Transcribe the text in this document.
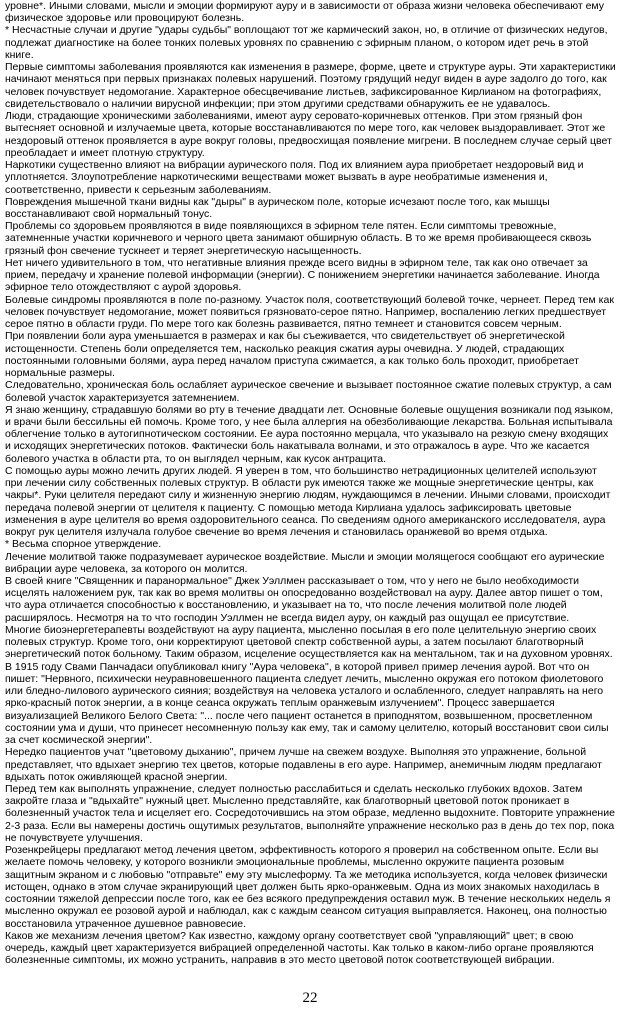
уровне*. Иными словами, мысли и эмоции формируют ауру и в зависимости от образа жизни человека обеспечивают ему физическое здоровье или провоцируют болезнь.

* Несчастные случаи и другие "удары судьбы" воплощают тот же кармический закон, но, в отличие от физических недугов, подлежат диагностике на более тонких полевых уровнях по сравнению с эфирным планом, о котором идет речь в этой книге.

Первые симптомы заболевания проявляются как изменения в размере, форме, цвете и структуре ауры. Эти характеристики начинают меняться при первых признаках полевых нарушений. Поэтому грядущий недуг виден в ауре задолго до того, как человек почувствует недомогание. Характерное обесцвечивание листьев, зафиксированное Кирлианом на фотографиях, свидетельствовало о наличии вирусной инфекции; при этом другими средствами обнаружить ее не удавалось.

Люди, страдающие хроническими заболеваниями, имеют ауру серовато-коричневых оттенков. При этом грязный фон вытесняет основной и излучаемые цвета, которые восстанавливаются по мере того, как человек выздоравливает. Этот же нездоровый оттенок проявляется в ауре вокруг головы, предвосхищая появление мигрени. В последнем случае серый цвет преобладает и имеет плотную структуру.

Наркотики существенно влияют на вибрации аурического поля. Под их влиянием аура приобретает нездоровый вид и уплотняется. Злоупотребление наркотическими веществами может вызвать в ауре необратимые изменения и, соответственно, привести к серьезным заболеваниям.

Повреждения мышечной ткани видны как "дыры" в аурическом поле, которые исчезают после того, как мышцы восстанавливают свой нормальный тонус.

Проблемы со здоровьем проявляются в виде появляющихся в эфирном теле пятен. Если симптомы тревожные, затемненные участки коричневого и черного цвета занимают обширную область. В то же время пробивающееся сквозь грязный фон свечение тускнеет и теряет энергетическую насыщенность.

Нет ничего удивительного в том, что негативные влияния прежде всего видны в эфирном теле, так как оно отвечает за прием, передачу и хранение полевой информации (энергии). С понижением энергетики начинается заболевание. Иногда эфирное тело отождествляют с аурой здоровья.

Болевые синдромы проявляются в поле по-разному. Участок поля, соответствующий болевой точке, чернеет. Перед тем как человек почувствует недомогание, может появиться грязновато-серое пятно. Например, воспалению легких предшествует серое пятно в области груди. По мере того как болезнь развивается, пятно темнеет и становится совсем черным.

При появлении боли аура уменьшается в размерах и как бы съеживается, что свидетельствует об энергетической истощенности. Степень боли определяется тем, насколько реакция сжатия ауры очевидна. У людей, страдающих постоянными головными болями, аура перед началом приступа сжимается, а как только боль проходит, приобретает нормальные размеры.

Следовательно, хроническая боль ослабляет аурическое свечение и вызывает постоянное сжатие полевых структур, а сам болевой участок характеризуется затемнением.

Я знаю женщину, страдавшую болями во рту в течение двадцати лет. Основные болевые ощущения возникали под языком, и врачи были бессильны ей помочь. Кроме того, у нее была аллергия на обезболивающие лекарства. Больная испытывала облегчение только в аутогипнотическом состоянии. Ее аура постоянно мерцала, что указывало на резкую смену входящих и исходящих энергетических потоков. Фактически боль накатывала волнами, и это отражалось в ауре. Что же касается болевого участка в области рта, то он выглядел черным, как кусок антрацита.

С помощью ауры можно лечить других людей. Я уверен в том, что большинство нетрадиционных целителей используют при лечении силу собственных полевых структур. В области рук имеются также же мощные энергетические центры, как чакры*. Руки целителя передают силу и жизненную энергию людям, нуждающимся в лечении. Иными словами, происходит передача полевой энергии от целителя к пациенту. С помощью метода Кирлиана удалось зафиксировать цветовые изменения в ауре целителя во время оздоровительного сеанса. По сведениям одного американского исследователя, аура вокруг рук целителя излучала голубое свечение во время лечения и становилась оранжевой во время отдыха.

* Весьма спорное утверждение.

Лечение молитвой также подразумевает аурическое воздействие. Мысли и эмоции молящегося сообщают его аурические вибрации ауре человека, за которого он молится.

В своей книге "Священник и паранормальное" Джек Уэллмен рассказывает о том, что у него не было необходимости исцелять наложением рук, так как во время молитвы он опосредованно воздействовал на ауру. Далее автор пишет о том, что аура отличается способностью к восстановлению, и указывает на то, что после лечения молитвой поле людей расширялось. Несмотря на то что господин Уэллмен не всегда видел ауру, он каждый раз ощущал ее присутствие.

Многие биоэнергетерапевты воздействуют на ауру пациента, мысленно посылая в его поле целительную энергию своих полевых структур. Кроме того, они корректируют цветовой спектр собственной ауры, а затем посылают благотворный энергетический поток больному. Таким образом, исцеление осуществляется как на ментальном, так и на духовном уровнях.

В 1915 году Свами Панчадаси опубликовал книгу "Аура человека", в которой привел пример лечения аурой. Вот что он пишет: "Нервного, психически неуравновешенного пациента следует лечить, мысленно окружая его потоком фиолетового или бледно-лилового аурического сияния; воздействуя на человека усталого и ослабленного, следует направлять на него ярко-красный поток энергии, а в конце сеанса окружать теплым оранжевым излучением". Процесс завершается визуализацией Великого Белого Света: "... после чего пациент останется в приподнятом, возвышенном, просветленном состоянии ума и души, что принесет несомненную пользу как ему, так и самому целителю, который восстановит свои силы за счет космической энергии".

Нередко пациентов учат "цветовому дыханию", причем лучше на свежем воздухе. Выполняя это упражнение, больной представляет, что вдыхает энергию тех цветов, которые подавлены в его ауре. Например, анемичным людям предлагают вдыхать поток оживляющей красной энергии.

Перед тем как выполнять упражнение, следует полностью расслабиться и сделать несколько глубоких вдохов. Затем закройте глаза и "вдыхайте" нужный цвет. Мысленно представляйте, как благотворный цветовой поток проникает в болезненный участок тела и исцеляет его. Сосредоточившись на этом образе, медленно выдохните. Повторите упражнение 2-3 раза. Если вы намерены достичь ощутимых результатов, выполняйте упражнение несколько раз в день до тех пор, пока не почувствуете улучшения.

Розенкрейцеры предлагают метод лечения цветом, эффективность которого я проверил на собственном опыте. Если вы желаете помочь человеку, у которого возникли эмоциональные проблемы, мысленно окружите пациента розовым защитным экраном и с любовью "отправьте" ему эту мыслеформу. Та же методика используется, когда человек физически истощен, однако в этом случае экранирующий цвет должен быть ярко-оранжевым. Одна из моих знакомых находилась в состоянии тяжелой депрессии после того, как ее без всякого предупреждения оставил муж. В течение нескольких недель я мысленно окружал ее розовой аурой и наблюдал, как с каждым сеансом ситуация выправляется. Наконец, она полностью восстановила утраченное душевное равновесие.

Каков же механизм лечения цветом? Как известно, каждому органу соответствует свой "управляющий" цвет; в свою очередь, каждый цвет характеризуется вибрацией определенной частоты. Как только в каком-либо органе проявляются болезненные симптомы, их можно устранить, направив в это место цветовой поток соответствующей вибрации.

22
